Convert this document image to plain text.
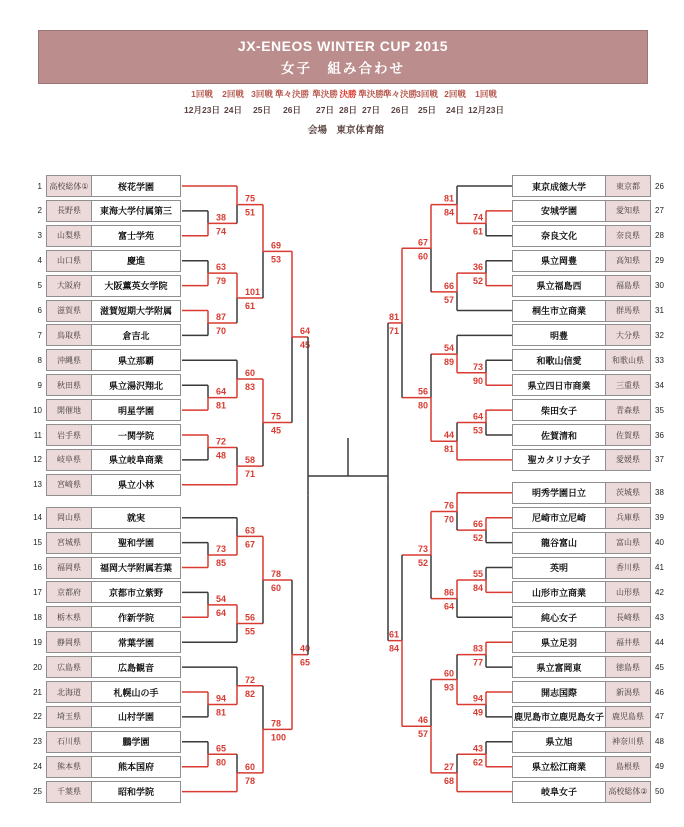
JX-ENEOS WINTER CUP 2015
女子　組み合わせ
1回戦
12月23日
2回戦
24日
3回戦
25日
準々決勝
26日
準決勝
27日
決勝
28日
準決勝
27日
準々決勝
26日
3回戦
25日
2回戦
24日
1回戦
12月23日
会場　東京体育館
38
74
63
79
87
70
64
81
72
48
73
85
54
64
94
81
65
80
75
51
101
61
60
83
58
71
63
67
56
55
72
82
60
78
69
53
75
45
78
60
78
100
64
45
40
65
74
61
36
52
73
90
64
53
66
52
55
84
83
77
94
49
43
62
81
84
66
57
54
89
44
81
76
70
86
64
60
93
27
68
67
60
56
80
73
52
46
57
81
71
61
84
1 高校総体①	桜花学園
2	長野県	東海大学付属第三
3	山梨県	富士学苑
4	山口県	慶進
5	大阪府	大阪薫英女学院
6	滋賀県	滋賀短期大学附属
7	鳥取県	倉吉北
8	沖縄県	県立那覇
9	秋田県	県立湯沢翔北
10	開催地	明星学園
11	岩手県	一関学院
12	岐阜県	県立岐阜商業
13	宮崎県	県立小林
14	岡山県	就実
15	宮城県	聖和学園
16	福岡県	福岡大学附属若葉
17	京都府	京都市立紫野
18	栃木県	作新学院
19	静岡県	常葉学園
20	広島県	広島観音
21	北海道	札幌山の手
22	埼玉県	山村学園
23	石川県	鵬学園
24	熊本県	熊本国府
25	千葉県	昭和学院
東京成徳大学	東京都	26
安城学園	愛知県	27
奈良文化	奈良県	28
県立岡豊	高知県	29
県立福島西	福島県	30
桐生市立商業	群馬県	31
明豊	大分県	32
和歌山信愛	和歌山県	33
県立四日市商業	三重県	34
柴田女子	青森県	35
佐賀清和	佐賀県	36
聖カタリナ女子	愛媛県	37
明秀学園日立	茨城県	38
尼崎市立尼崎	兵庫県	39
龍谷富山	富山県	40
英明	香川県	41
山形市立商業	山形県	42
純心女子	長崎県	43
県立足羽	福井県	44
県立富岡東	徳島県	45
開志国際	新潟県	46
鹿児島市立鹿児島女子	鹿児島県	47
県立旭	神奈川県	48
県立松江商業	島根県	49
岐阜女子	高校総体② 50
